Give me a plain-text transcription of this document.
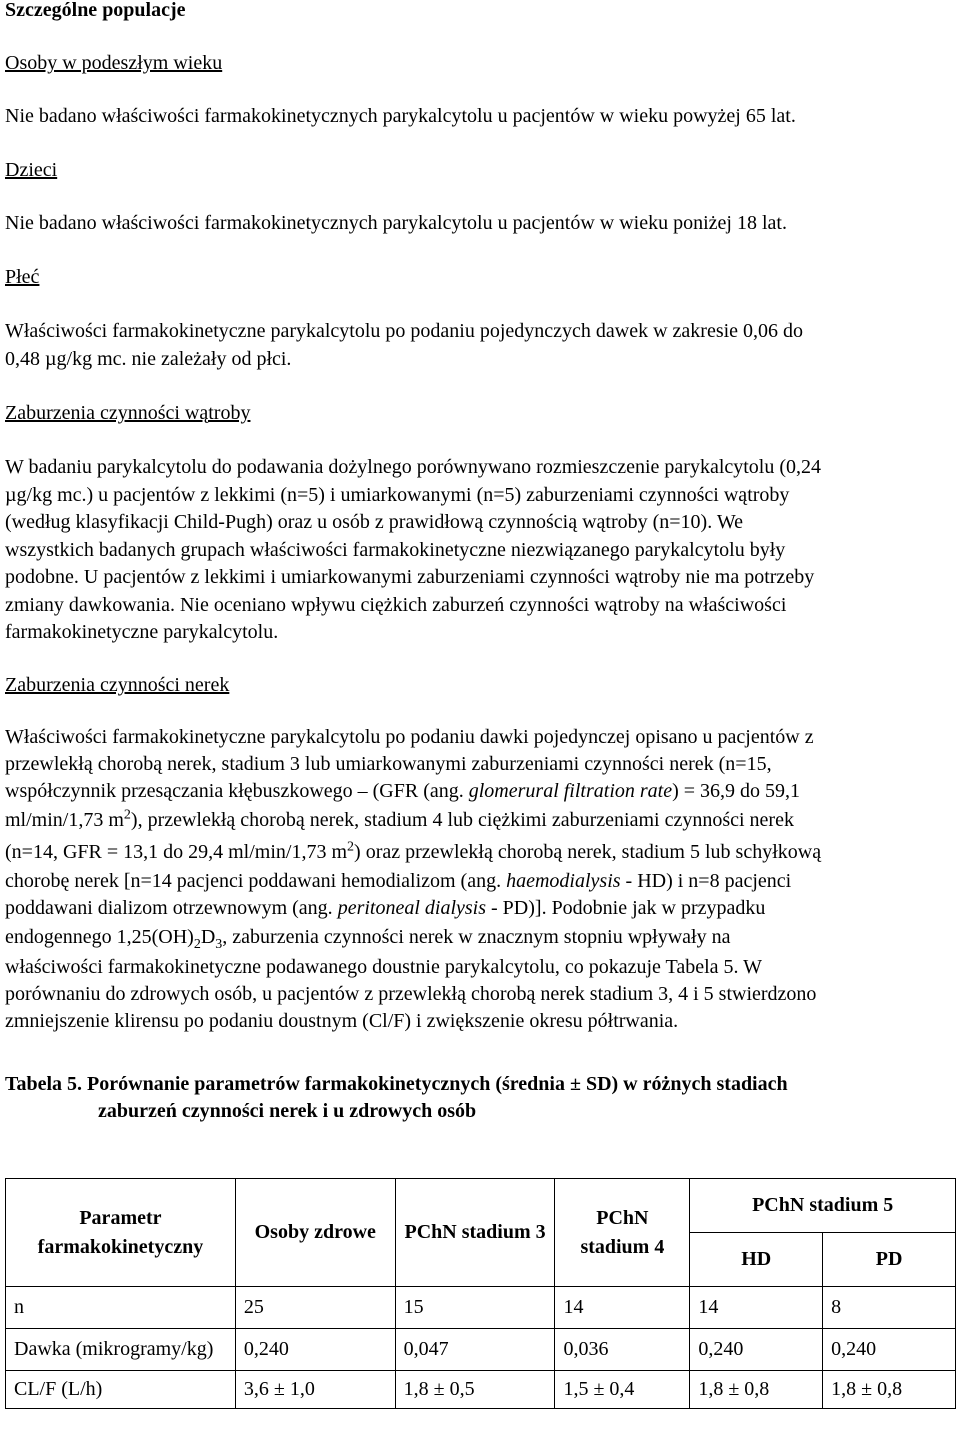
Szczególne populacje

Osoby w podeszłym wieku

Nie badano właściwości farmakokinetycznych parykalcytolu u pacjentów w wieku powyżej 65 lat.

Dzieci

Nie badano właściwości farmakokinetycznych parykalcytolu u pacjentów w wieku poniżej 18 lat.

Płeć

Właściwości farmakokinetyczne parykalcytolu po podaniu pojedynczych dawek w zakresie 0,06 do
0,48 µg/kg mc. nie zależały od płci.

Zaburzenia czynności wątroby

W badaniu parykalcytolu do podawania dożylnego porównywano rozmieszczenie parykalcytolu (0,24
µg/kg mc.) u pacjentów z lekkimi (n=5) i umiarkowanymi (n=5) zaburzeniami czynności wątroby
(według klasyfikacji Child-Pugh) oraz u osób z prawidłową czynnością wątroby (n=10). We
wszystkich badanych grupach właściwości farmakokinetyczne niezwiązanego parykalcytolu były
podobne. U pacjentów z lekkimi i umiarkowanymi zaburzeniami czynności wątroby nie ma potrzeby
zmiany dawkowania. Nie oceniano wpływu ciężkich zaburzeń czynności wątroby na właściwości
farmakokinetyczne parykalcytolu.

Zaburzenia czynności nerek

Właściwości farmakokinetyczne parykalcytolu po podaniu dawki pojedynczej opisano u pacjentów z
przewlekłą chorobą nerek, stadium 3 lub umiarkowanymi zaburzeniami czynności nerek (n=15,
współczynnik przesączania kłębuszkowego – (GFR (ang. glomerural filtration rate) = 36,9 do 59,1
ml/min/1,73 $m^2$), przewlekłą chorobą nerek, stadium 4 lub ciężkimi zaburzeniami czynności nerek
(n=14, GFR = 13,1 do 29,4 ml/min/1,73 $m^2$) oraz przewlekłą chorobą nerek, stadium 5 lub schyłkową
chorobę nerek [n=14 pacjenci poddawani hemodializom (ang. haemodialysis - HD) i n=8 pacjenci
poddawani dializom otrzewnowym (ang. peritoneal dialysis - PD)]. Podobnie jak w przypadku
endogennego $1,25(OH)_2D_3$, zaburzenia czynności nerek w znacznym stopniu wpływały na
właściwości farmakokinetyczne podawanego doustnie parykalcytolu, co pokazuje Tabela 5. W
porównaniu do zdrowych osób, u pacjentów z przewlekłą chorobą nerek stadium 3, 4 i 5 stwierdzono
zmniejszenie klirensu po podaniu doustnym (Cl/F) i zwiększenie okresu półtrwania.

Tabela 5. Porównanie parametrów farmakokinetycznych (średnia ± SD) w różnych stadiach
zaburzeń czynności nerek i u zdrowych osób

Parametr farmakokinetyczny	Osoby zdrowe	PChN stadium 3	PChN stadium 4	PChN stadium 5	
				HD	PD
n	25	15	14	14	8
Dawka (mikrogramy/kg)	0,240	0,047	0,036	0,240	0,240
CL/F (L/h)	3,6 ± 1,0	1,8 ± 0,5	1,5 ± 0,4	1,8 ± 0,8	1,8 ± 0,8
